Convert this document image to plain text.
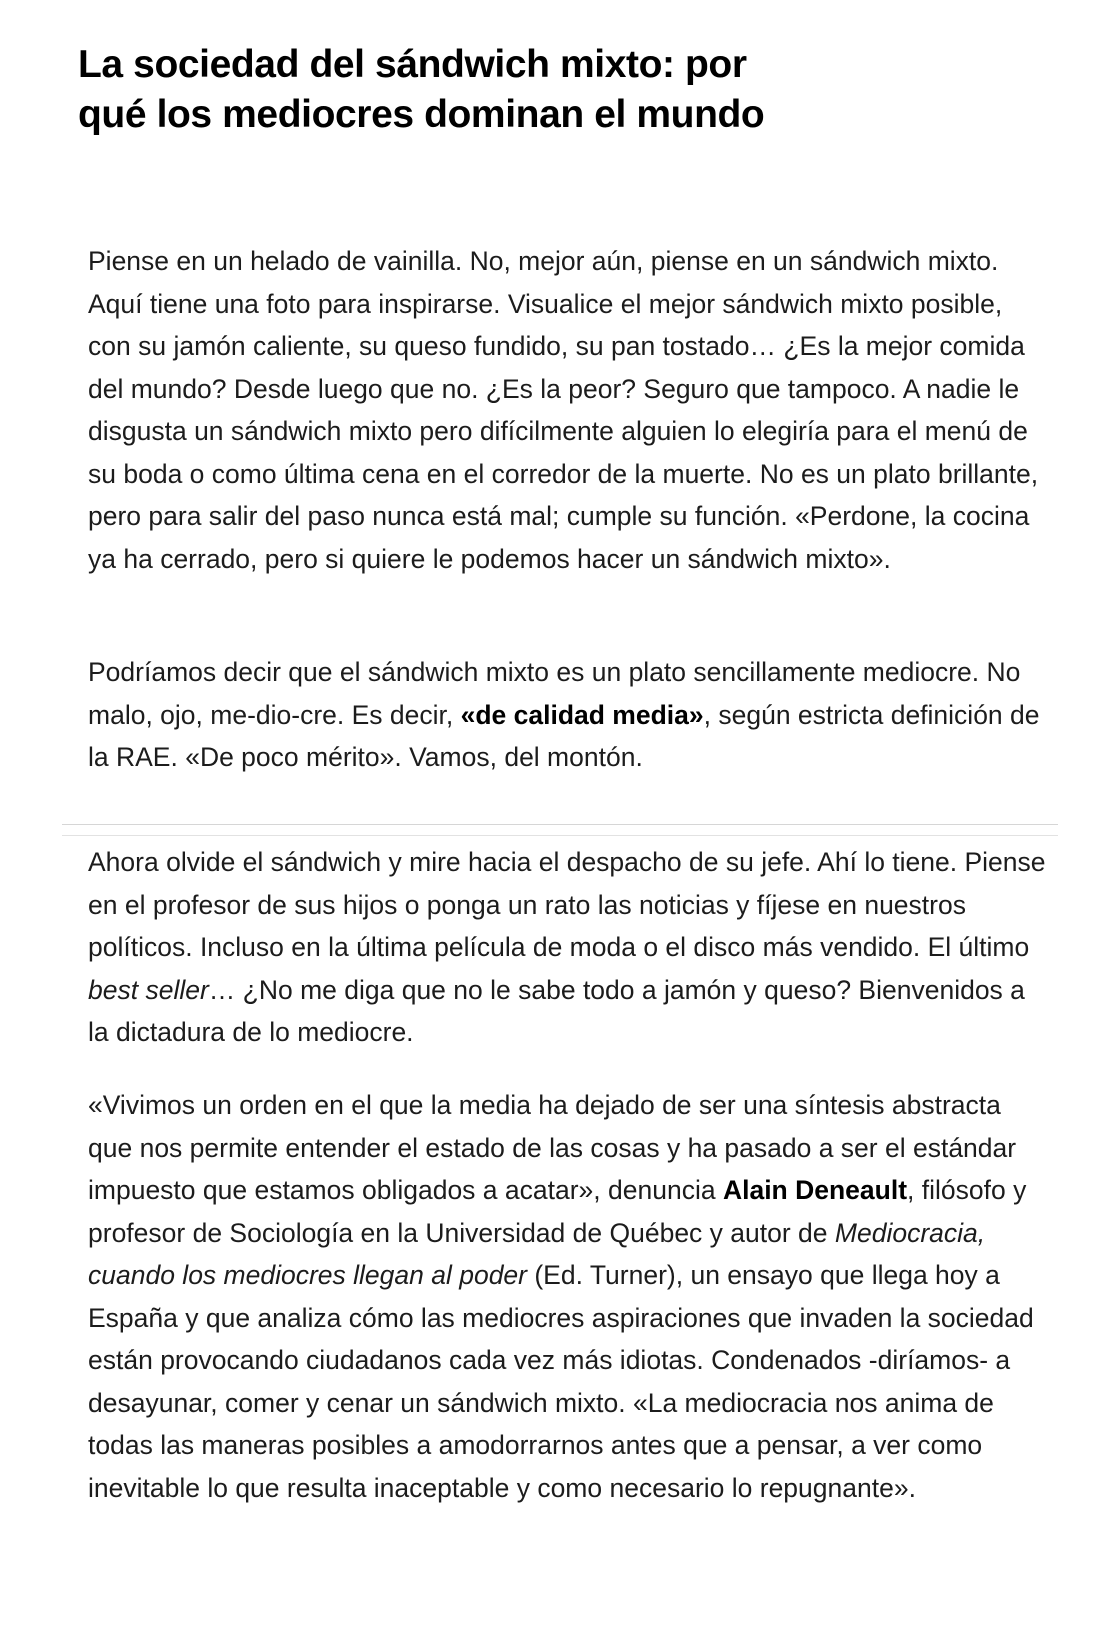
La sociedad del sándwich mixto: por qué los mediocres dominan el mundo

Piense en un helado de vainilla. No, mejor aún, piense en un sándwich mixto. Aquí tiene una foto para inspirarse. Visualice el mejor sándwich mixto posible, con su jamón caliente, su queso fundido, su pan tostado… ¿Es la mejor comida del mundo? Desde luego que no. ¿Es la peor? Seguro que tampoco. A nadie le disgusta un sándwich mixto pero difícilmente alguien lo elegiría para el menú de su boda o como última cena en el corredor de la muerte. No es un plato brillante, pero para salir del paso nunca está mal; cumple su función. «Perdone, la cocina ya ha cerrado, pero si quiere le podemos hacer un sándwich mixto».

Podríamos decir que el sándwich mixto es un plato sencillamente mediocre. No malo, ojo, me-dio-cre. Es decir, «de calidad media», según estricta definición de la RAE. «De poco mérito». Vamos, del montón.

Ahora olvide el sándwich y mire hacia el despacho de su jefe. Ahí lo tiene. Piense en el profesor de sus hijos o ponga un rato las noticias y fíjese en nuestros políticos. Incluso en la última película de moda o el disco más vendido. El último best seller… ¿No me diga que no le sabe todo a jamón y queso? Bienvenidos a la dictadura de lo mediocre.

«Vivimos un orden en el que la media ha dejado de ser una síntesis abstracta que nos permite entender el estado de las cosas y ha pasado a ser el estándar impuesto que estamos obligados a acatar», denuncia Alain Deneault, filósofo y profesor de Sociología en la Universidad de Québec y autor de Mediocracia, cuando los mediocres llegan al poder (Ed. Turner), un ensayo que llega hoy a España y que analiza cómo las mediocres aspiraciones que invaden la sociedad están provocando ciudadanos cada vez más idiotas. Condenados -diríamos- a desayunar, comer y cenar un sándwich mixto. «La mediocracia nos anima de todas las maneras posibles a amodorrarnos antes que a pensar, a ver como inevitable lo que resulta inaceptable y como necesario lo repugnante».
